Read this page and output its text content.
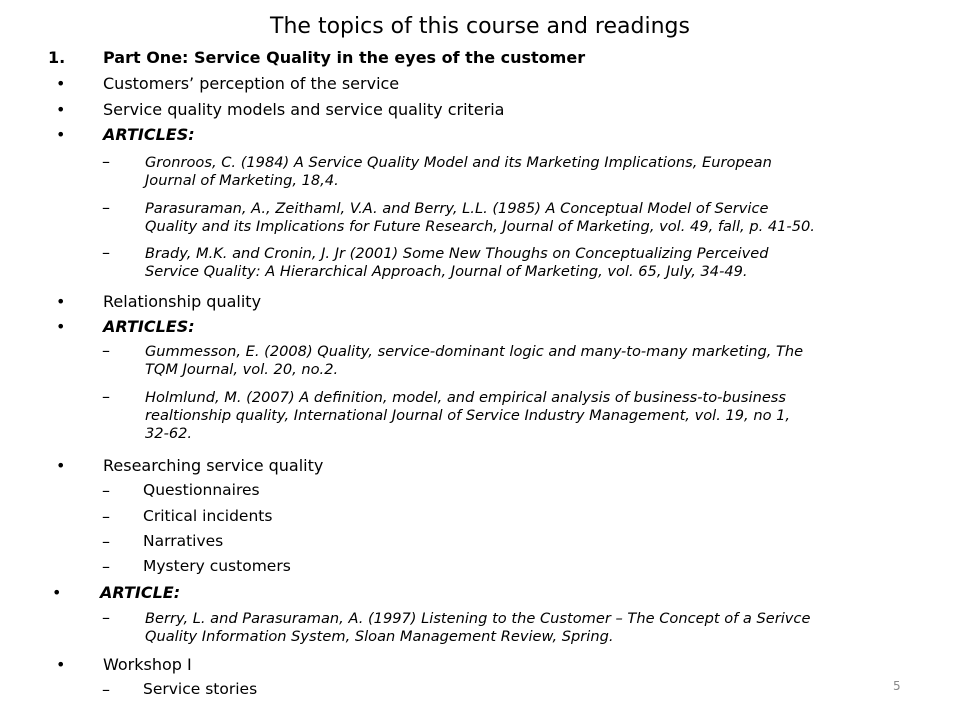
The topics of this course and readings
1. Part One: Service Quality in the eyes of the customer
• Customers’ perception of the service
• Service quality models and service quality criteria
• ARTICLES:
– Gronroos, C. (1984) A Service Quality Model and its Marketing Implications, European
Journal of Marketing, 18,4.
– Parasuraman, A., Zeithaml, V.A. and Berry, L.L. (1985) A Conceptual Model of Service
Quality and its Implications for Future Research, Journal of Marketing, vol. 49, fall, p. 41-50.
– Brady, M.K. and Cronin, J. Jr (2001) Some New Thoughs on Conceptualizing Perceived
Service Quality: A Hierarchical Approach, Journal of Marketing, vol. 65, July, 34-49.
• Relationship quality
• ARTICLES:
– Gummesson, E. (2008) Quality, service-dominant logic and many-to-many marketing, The
TQM Journal, vol. 20, no.2.
– Holmlund, M. (2007) A definition, model, and empirical analysis of business-to-business
realtionship quality, International Journal of Service Industry Management, vol. 19, no 1,
32-62.
• Researching service quality
– Questionnaires
– Critical incidents
– Narratives
– Mystery customers
• ARTICLE:
– Berry, L. and Parasuraman, A. (1997) Listening to the Customer – The Concept of a Serivce
Quality Information System, Sloan Management Review, Spring.
• Workshop I
– Service stories	5
